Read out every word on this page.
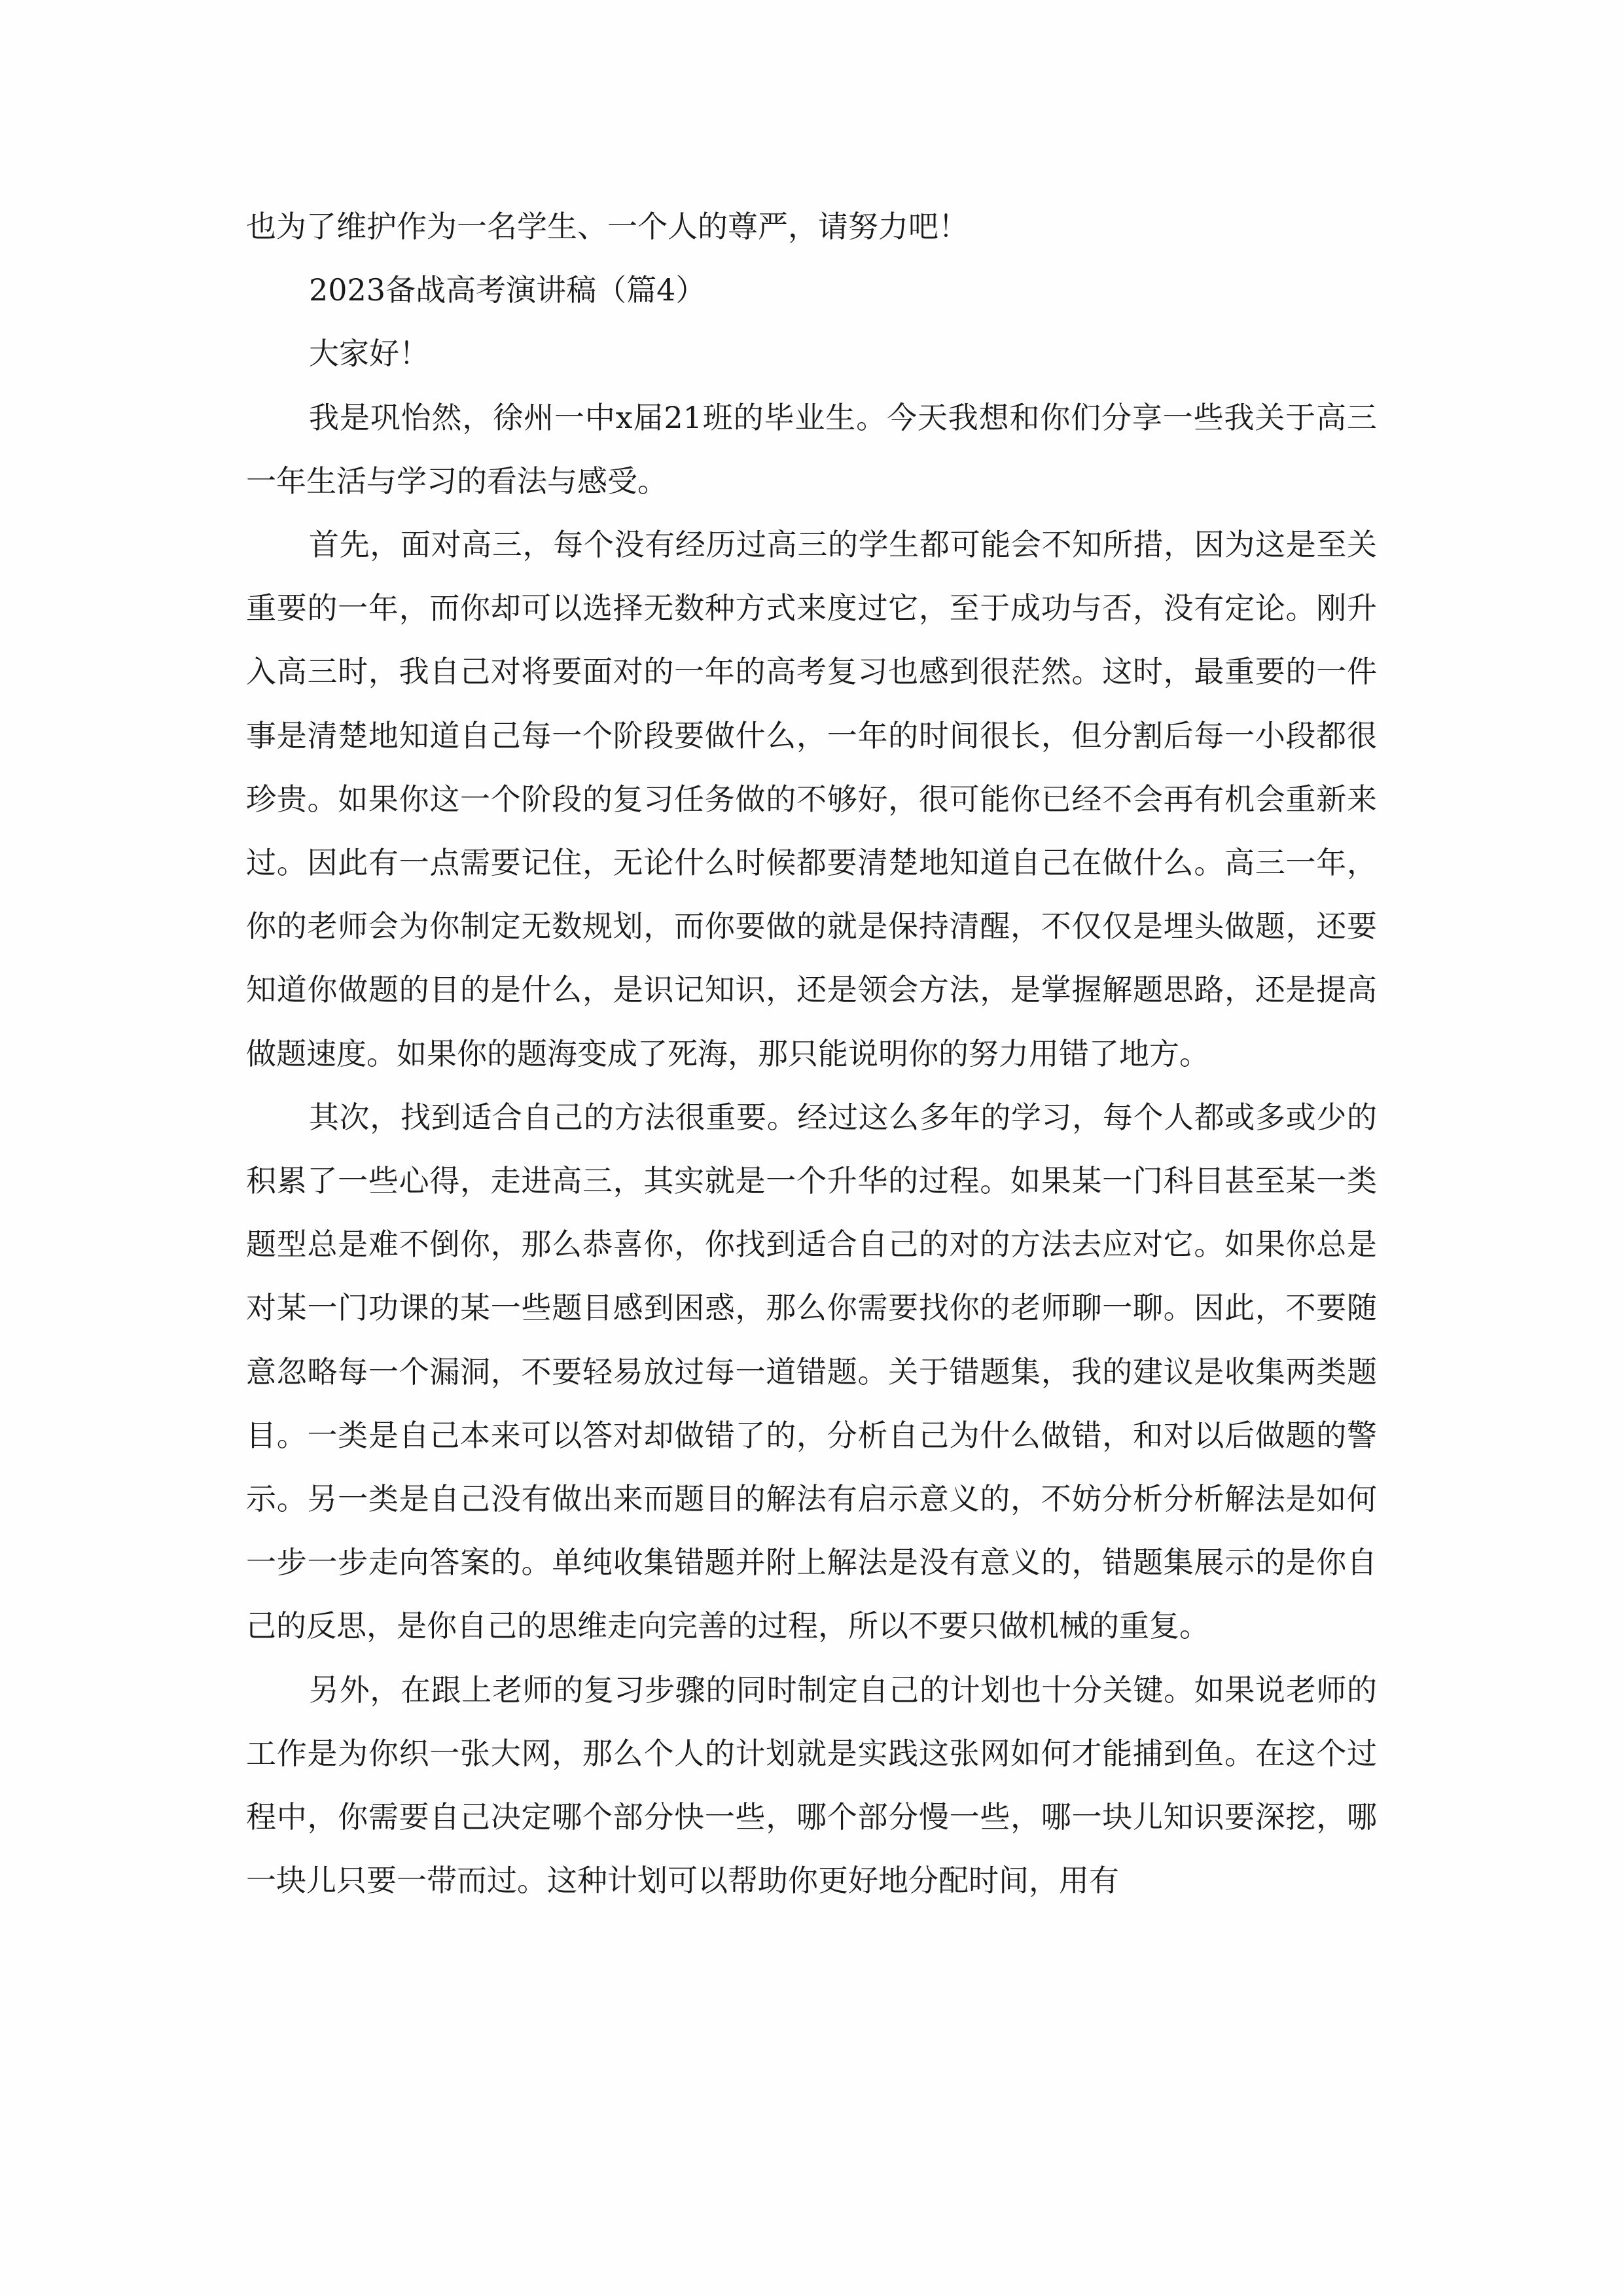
也为了维护作为一名学生、一个人的尊严，请努力吧！

2023备战高考演讲稿（篇4）

大家好！

我是巩怡然，徐州一中x届21班的毕业生。今天我想和你们分享一些我关于高三一年生活与学习的看法与感受。

首先，面对高三，每个没有经历过高三的学生都可能会不知所措，因为这是至关重要的一年，而你却可以选择无数种方式来度过它，至于成功与否，没有定论。刚升入高三时，我自己对将要面对的一年的高考复习也感到很茫然。这时，最重要的一件事是清楚地知道自己每一个阶段要做什么，一年的时间很长，但分割后每一小段都很珍贵。如果你这一个阶段的复习任务做的不够好，很可能你已经不会再有机会重新来过。因此有一点需要记住，无论什么时候都要清楚地知道自己在做什么。高三一年，你的老师会为你制定无数规划，而你要做的就是保持清醒，不仅仅是埋头做题，还要知道你做题的目的是什么，是识记知识，还是领会方法，是掌握解题思路，还是提高做题速度。如果你的题海变成了死海，那只能说明你的努力用错了地方。

其次，找到适合自己的方法很重要。经过这么多年的学习，每个人都或多或少的积累了一些心得，走进高三，其实就是一个升华的过程。如果某一门科目甚至某一类题型总是难不倒你，那么恭喜你，你找到适合自己的对的方法去应对它。如果你总是对某一门功课的某一些题目感到困惑，那么你需要找你的老师聊一聊。因此，不要随意忽略每一个漏洞，不要轻易放过每一道错题。关于错题集，我的建议是收集两类题目。一类是自己本来可以答对却做错了的，分析自己为什么做错，和对以后做题的警示。另一类是自己没有做出来而题目的解法有启示意义的，不妨分析分析解法是如何一步一步走向答案的。单纯收集错题并附上解法是没有意义的，错题集展示的是你自己的反思，是你自己的思维走向完善的过程，所以不要只做机械的重复。

另外，在跟上老师的复习步骤的同时制定自己的计划也十分关键。如果说老师的工作是为你织一张大网，那么个人的计划就是实践这张网如何才能捕到鱼。在这个过程中，你需要自己决定哪个部分快一些，哪个部分慢一些，哪一块儿知识要深挖，哪一块儿只要一带而过。这种计划可以帮助你更好地分配时间，用有
